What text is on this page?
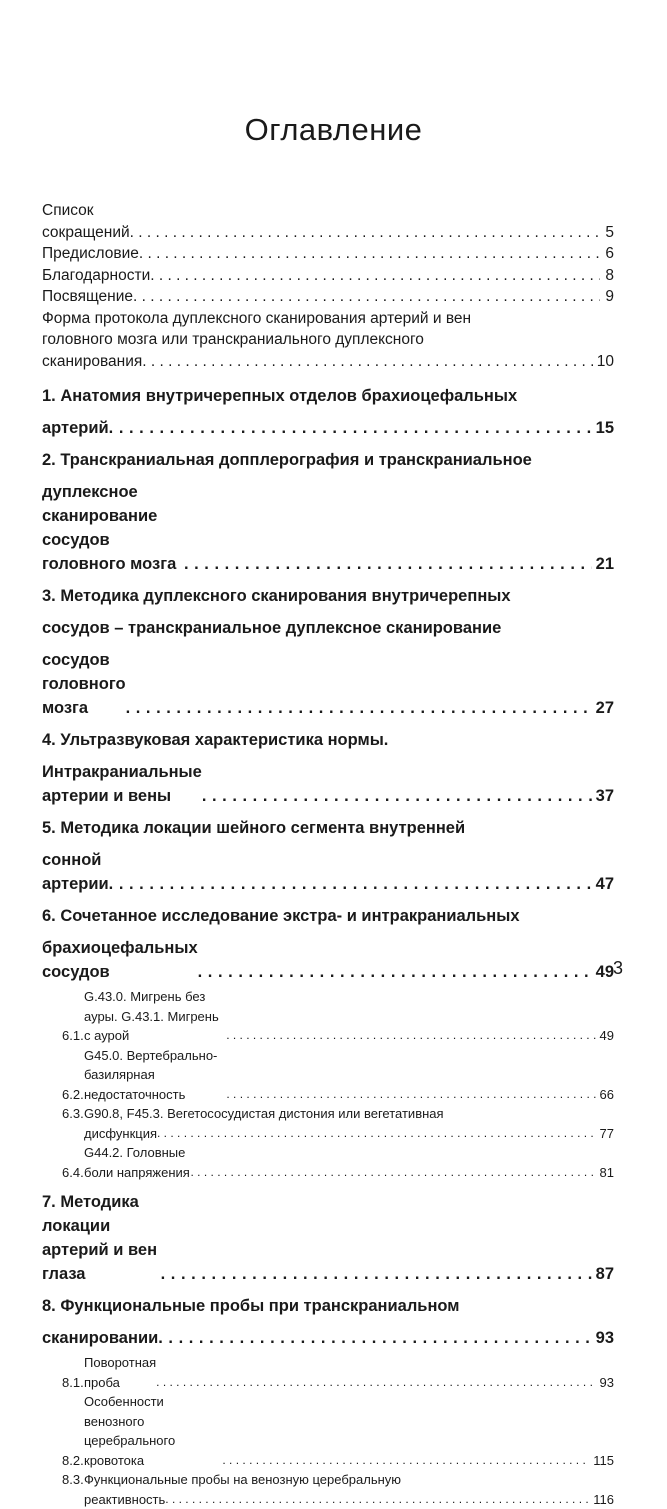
Оглавление
Список сокращений . . .	5
Предисловие . . .	6
Благодарности . . .	8
Посвящение . . .	9
Форма протокола дуплексного сканирования артерий и вен
головного мозга или транскраниального дуплексного
сканирования . . .	10
1. Анатомия внутричерепных отделов брахиоцефальных
артерий . . .	15
2. Транскраниальная допплерография и транскраниальное
дуплексное сканирование сосудов головного мозга . . .	21
3. Методика дуплексного сканирования внутричерепных
сосудов – транскраниальное дуплексное сканирование
сосудов головного мозга . . .	27
4. Ультразвуковая характеристика нормы.
Интракраниальные артерии и вены . . .	37
5. Методика локации шейного сегмента внутренней
сонной артерии . . .	47
6. Сочетанное исследование экстра- и интракраниальных
брахиоцефальных сосудов . . .	49
6.1.
G.43.0. Мигрень без ауры. G.43.1. Мигрень с аурой . . .	49
6.2.
G45.0. Вертебрально-базилярная недостаточность . . .	66
6.3. G90.8, F45.3. Вегетососудистая дистония или вегетативная
дисфункция . . .	77
6.4.
G44.2. Головные боли напряжения . . .	81
7. Методика локации артерий и вен глаза . . .	87
8. Функциональные пробы при транскраниальном
сканировании . . .	93
8.1.
Поворотная проба . . .	93
8.2.
Особенности венозного церебрального кровотока . . .	115
8.3. Функциональные пробы на венозную церебральную
реактивность . . .	116
3
